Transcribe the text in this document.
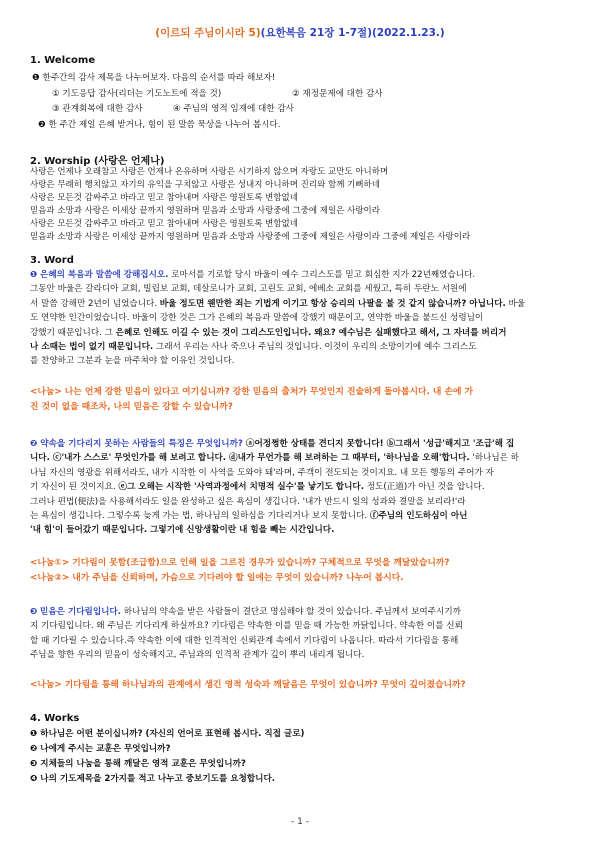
(이르되 주님이시라 5)(요한복음 21장 1-7절)(2022.1.23.)
1. Welcome
❶ 한주간의 감사 제목을 나누어보자. 다음의 순서를 따라 해보자!
① 기도응답 감사(리더는 기도노트에 적을 것)	② 재정문제에 대한 감사
③ 관계회복에 대한 감사	④ 주님의 영적 임재에 대한 감사
❷ 한 주간 제일 은혜 받거나, 힘이 된 말씀 묵상을 나누어 봅시다.
2. Worship (사랑은 언제나)
사랑은 언제나 오래참고 사랑은 언제나 온유하며 사랑은 시기하지 않으며 자랑도 교만도 아니하며
사랑은 무례히 행치않고 자기의 유익을 구치않고 사랑은 성내지 아니하며 진리와 함께 기뻐하네
사랑은 모든것 감싸주고 바라고 믿고 참아내며 사랑은 영원토록 변함없네
믿음과 소망과 사랑은 이세상 끝까지 영원하며 믿음과 소망과 사랑중에 그중에 제일은 사랑이라
사랑은 모든것 감싸주고 바라고 믿고 참아내며 사랑은 영원토록 변함없네
믿음과 소망과 사랑은 이세상 끝까지 영원하며 믿음과 소망과 사랑중에 그중에 제일은 사랑이라 그중에 제일은 사랑이라
3. Word
❶ 은혜의 복음과 말씀에 강해집시오. 로마서를 기로할 당시 바울이 예수 그리스도를 믿고 회심한 지가 22년째였습니다.
그동안 바울은 갈라디아 교회, 빌립보 교회, 데살로니가 교회, 고린도 교회, 에베소 교회를 세웠고, 특히 두란노 서원에
서 말씀 강해만 2년이 넘었습니다. 바울 정도면 웬만한 죄는 기법게 이기고 항상 승리의 나팔을 불 것 같지 않습니까? 아닙니다. 바울
도 연약한 인간이었습니다. 바울이 강한 것은 그가 은혜의 복음과 말씀에 강했기 때문이고, 연약한 바울을 붙드신 성령님이
강했기 때문입니다. 그 은혜로 인해도 이길 수 있는 것이 그리스도인입니다. 왜요? 예수님은 실패했다고 해서, 그 자녀를 버리거
나 소때는 법이 없기 때문입니다. 그래서 우리는 사나 죽으나 주님의 것입니다. 이것이 우리의 소망이기에 예수 그리스도
를 찬양하고 그분과 눈을 마주쳐야 할 이유인 것입니다.
<나눔> 나는 언제 강한 믿음이 있다고 여기십니까? 강한 믿음의 출처가 무엇인지 진술하게 돌아봅시다. 내 손에 가
진 것이 없을 때조차, 나의 믿음은 강할 수 있습니까?
❷ 약속을 기다리지 못하는 사람들의 특징은 무엇입니까? ⓐ어정쩡한 상태를 견디지 못합니다! ⓑ그래서 '성급'해지고 '조급'해 집
니다. ⓒ'내가 스스로' 무엇인가를 해 보려고 합니다. ⓓ내가 무언가를 해 보려하는 그 때부터, '하나님을 오해'합니다. '하나님은 하
나님 자신의 영광을 위해서라도, 내가 시작한 이 사역을 도와야 돼'라며, 주객이 전도되는 것이지요. 내 모든 행동의 주어가 자
기 자신이 된 것이지요. ⓔ그 오해는 시작한 '사역과정에서 치명적 실수'를 낳기도 합니다. 정도(正道)가 아닌 것을 압니다.
그러나 편법(便法)을 사용해서라도 일을 완성하고 싶은 욕심이 생깁니다. '내가 반드시 일의 성과와 결말을 보리라!'라
는 욕심이 생깁니다. 그렇수록 늦게 가는 법, 하나님의 일하심을 기다리거나 보지 못합니다. ⓕ주님의 인도하심이 아닌
'내 힘'이 들어갔기 때문입니다. 그렇기에 신앙생활이란 내 힘을 빼는 시간입니다.
<나눔①> 기다림이 못함(조급함)으로 인해 일을 그르친 경우가 있습니까? 구체적으로 무엇을 깨달았습니까?
<나눔②> 내가 주님을 신뢰하며, 가슴으로 기다려야 할 일에는 무엇이 있습니까? 나누어 봅시다.
❸ 믿음은 기다림입니다. 하나님의 약속을 받은 사람들이 결단코 명심해야 할 것이 있습니다. 주님께서 보여주시기까
지 기다림입니다. 왜 주님은 기다리게 하실까요? 기다림은 약속한 이를 믿을 때 가능한 까닭입니다. 약속한 이를 신뢰
할 때 기다릴 수 있습니다.즉 약속한 이에 대한 인격적인 신뢰관계 속에서 기다림이 나옵니다. 따라서 기다림을 통해
주님을 향한 우리의 믿음이 성숙해지고, 주님과의 인격적 관계가 깊이 뿌리 내리게 됩니다.
<나눔> 기다림을 통해 하나님과의 관계에서 생긴 영적 성숙과 깨달음은 무엇이 있습니까? 무엇이 깊어졌습니까?
4. Works
❶ 하나님은 어떤 분이십니까? (자신의 언어로 표현해 봅시다. 직접 글로)
❷ 나에게 주시는 교훈은 무엇입니까?
❸ 지체들의 나눔을 통해 깨달은 영적 교훈은 무엇입니까?
❹ 나의 기도제목을 2가지를 적고 나누고 중보기도를 요청합니다.
- 1 -
